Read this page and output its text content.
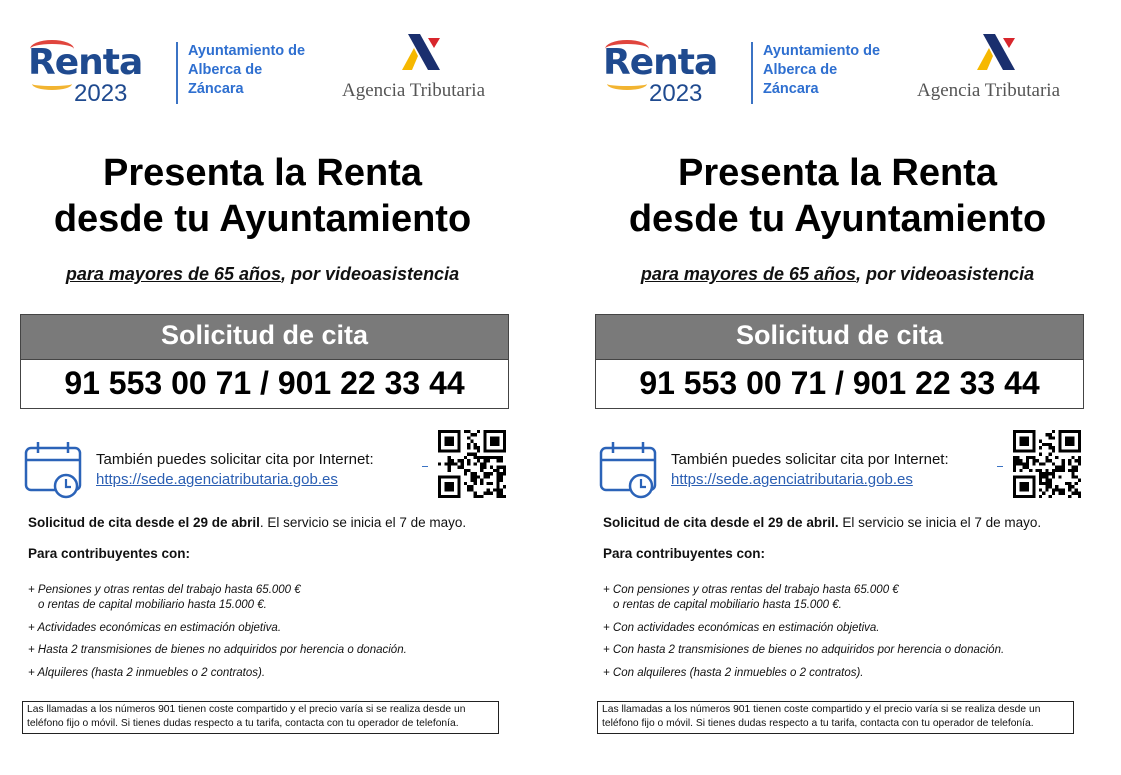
Renta
2023
Ayuntamiento de
Alberca de
Záncara	Agencia Tributaria
Presenta la Renta
desde tu Ayuntamiento
para mayores de 65 años, por videoasistencia
Solicitud de cita
91 553 00 71 / 901 22 33 44
También puedes solicitar cita por Internet:
https://sede.agenciatributaria.gob.es
Solicitud de cita desde el 29 de abril. El servicio se inicia el 7 de mayo.
Para contribuyentes con:
+ Pensiones y otras rentas del trabajo hasta 65.000 €
o rentas de capital mobiliario hasta 15.000 €.
+ Actividades económicas en estimación objetiva.
+ Hasta 2 transmisiones de bienes no adquiridos por herencia o donación.
+ Alquileres (hasta 2 inmuebles o 2 contratos).
Las llamadas a los números 901 tienen coste compartido y el precio varía si se realiza desde un teléfono fijo o móvil. Si tienes dudas respecto a tu tarifa, contacta con tu operador de telefonía.
Renta
2023
Ayuntamiento de
Alberca de
Záncara	Agencia Tributaria
Presenta la Renta
desde tu Ayuntamiento
para mayores de 65 años, por videoasistencia
Solicitud de cita
91 553 00 71 / 901 22 33 44
También puedes solicitar cita por Internet:
https://sede.agenciatributaria.gob.es
Solicitud de cita desde el 29 de abril. El servicio se inicia el 7 de mayo.
Para contribuyentes con:
+ Con pensiones y otras rentas del trabajo hasta 65.000 €
o rentas de capital mobiliario hasta 15.000 €.
+ Con actividades económicas en estimación objetiva.
+ Con hasta 2 transmisiones de bienes no adquiridos por herencia o donación.
+ Con alquileres (hasta 2 inmuebles o 2 contratos).
Las llamadas a los números 901 tienen coste compartido y el precio varía si se realiza desde un teléfono fijo o móvil. Si tienes dudas respecto a tu tarifa, contacta con tu operador de telefonía.
